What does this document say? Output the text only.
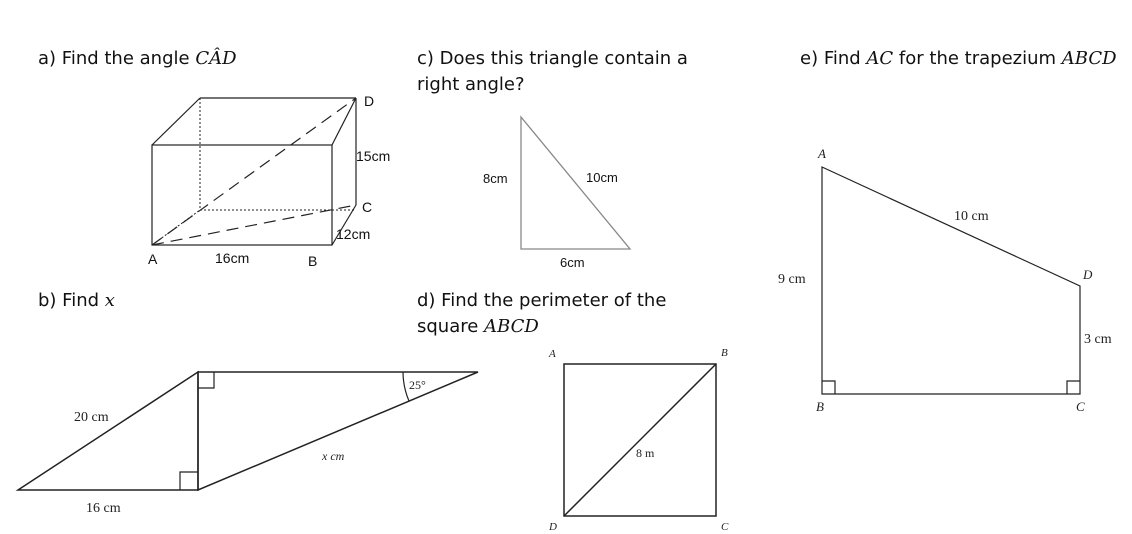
a) Find the angle CÂD
b) Find x
c) Does this triangle contain a
right angle?
d) Find the perimeter of the
square ABCD
e) Find AC for the trapezium ABCD
D
C
A	B
15cm
12cm
16cm
20 cm
16 cm
x cm
25°
8cm	10cm
6cm
A	B
D	C
8 m
A
D
B	C
9 cm
10 cm
3 cm
